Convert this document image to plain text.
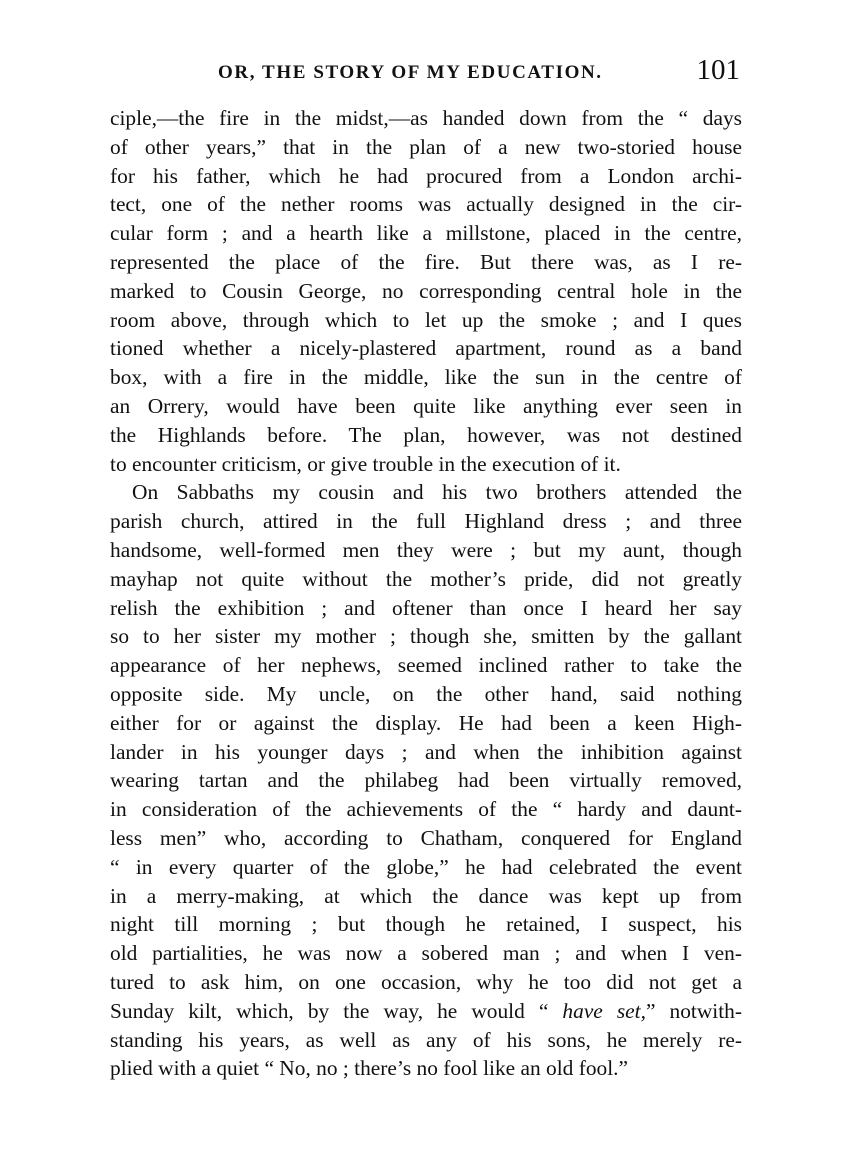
OR, THE STORY OF MY EDUCATION.	101
ciple,—the fire in the midst,—as handed down from the “ days
of other years,” that in the plan of a new two-storied house
for his father, which he had procured from a London archi-
tect, one of the nether rooms was actually designed in the cir-
cular form ; and a hearth like a millstone, placed in the centre,
represented the place of the fire. But there was, as I re-
marked to Cousin George, no corresponding central hole in the
room above, through which to let up the smoke ; and I ques
tioned whether a nicely-plastered apartment, round as a band
box, with a fire in the middle, like the sun in the centre of
an Orrery, would have been quite like anything ever seen in
the Highlands before. The plan, however, was not destined
to encounter criticism, or give trouble in the execution of it.
On Sabbaths my cousin and his two brothers attended the
parish church, attired in the full Highland dress ; and three
handsome, well-formed men they were ; but my aunt, though
mayhap not quite without the mother’s pride, did not greatly
relish the exhibition ; and oftener than once I heard her say
so to her sister my mother ; though she, smitten by the gallant
appearance of her nephews, seemed inclined rather to take the
opposite side. My uncle, on the other hand, said nothing
either for or against the display. He had been a keen High-
lander in his younger days ; and when the inhibition against
wearing tartan and the philabeg had been virtually removed,
in consideration of the achievements of the “ hardy and daunt-
less men” who, according to Chatham, conquered for England
“ in every quarter of the globe,” he had celebrated the event
in a merry-making, at which the dance was kept up from
night till morning ; but though he retained, I suspect, his
old partialities, he was now a sobered man ; and when I ven-
tured to ask him, on one occasion, why he too did not get a
Sunday kilt, which, by the way, he would “ have set,” notwith-
standing his years, as well as any of his sons, he merely re-
plied with a quiet “ No, no ; there’s no fool like an old fool.”
